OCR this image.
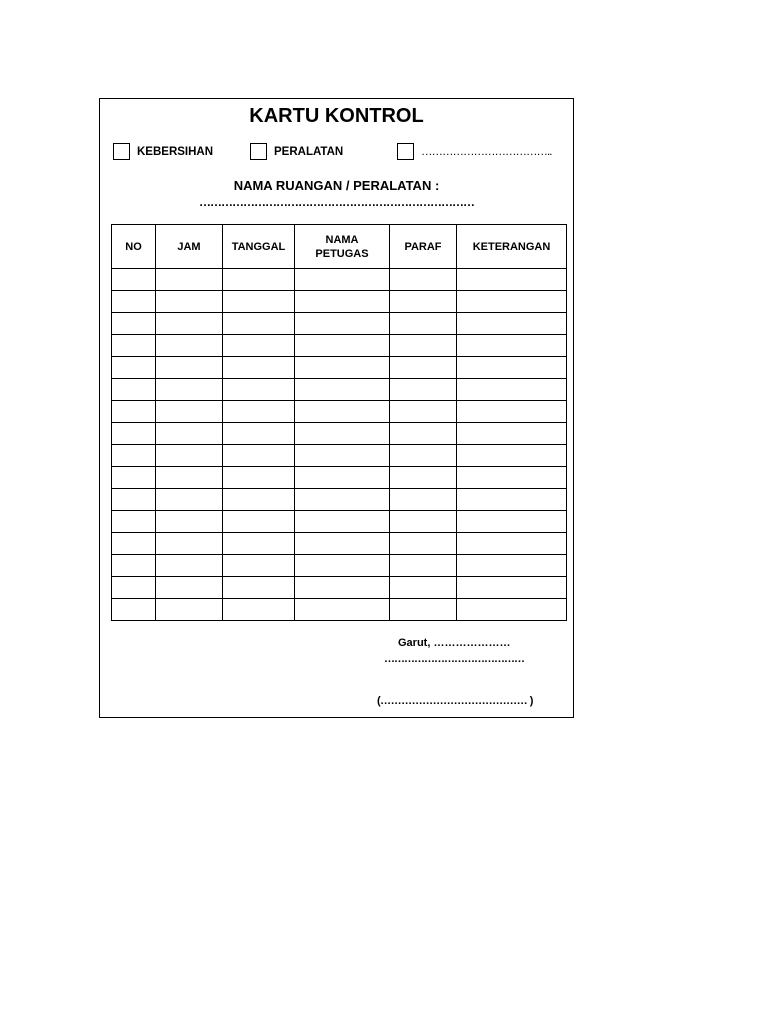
KARTU KONTROL
KEBERSIHAN	PERALATAN	………………………………..
NAMA RUANGAN / PERALATAN :
…………………………………………………………………
NO	JAM	TANGGAL	NAMA PETUGAS	PARAF	KETERANGAN

Garut, …………………
……………………………………
(…………………………………… )
